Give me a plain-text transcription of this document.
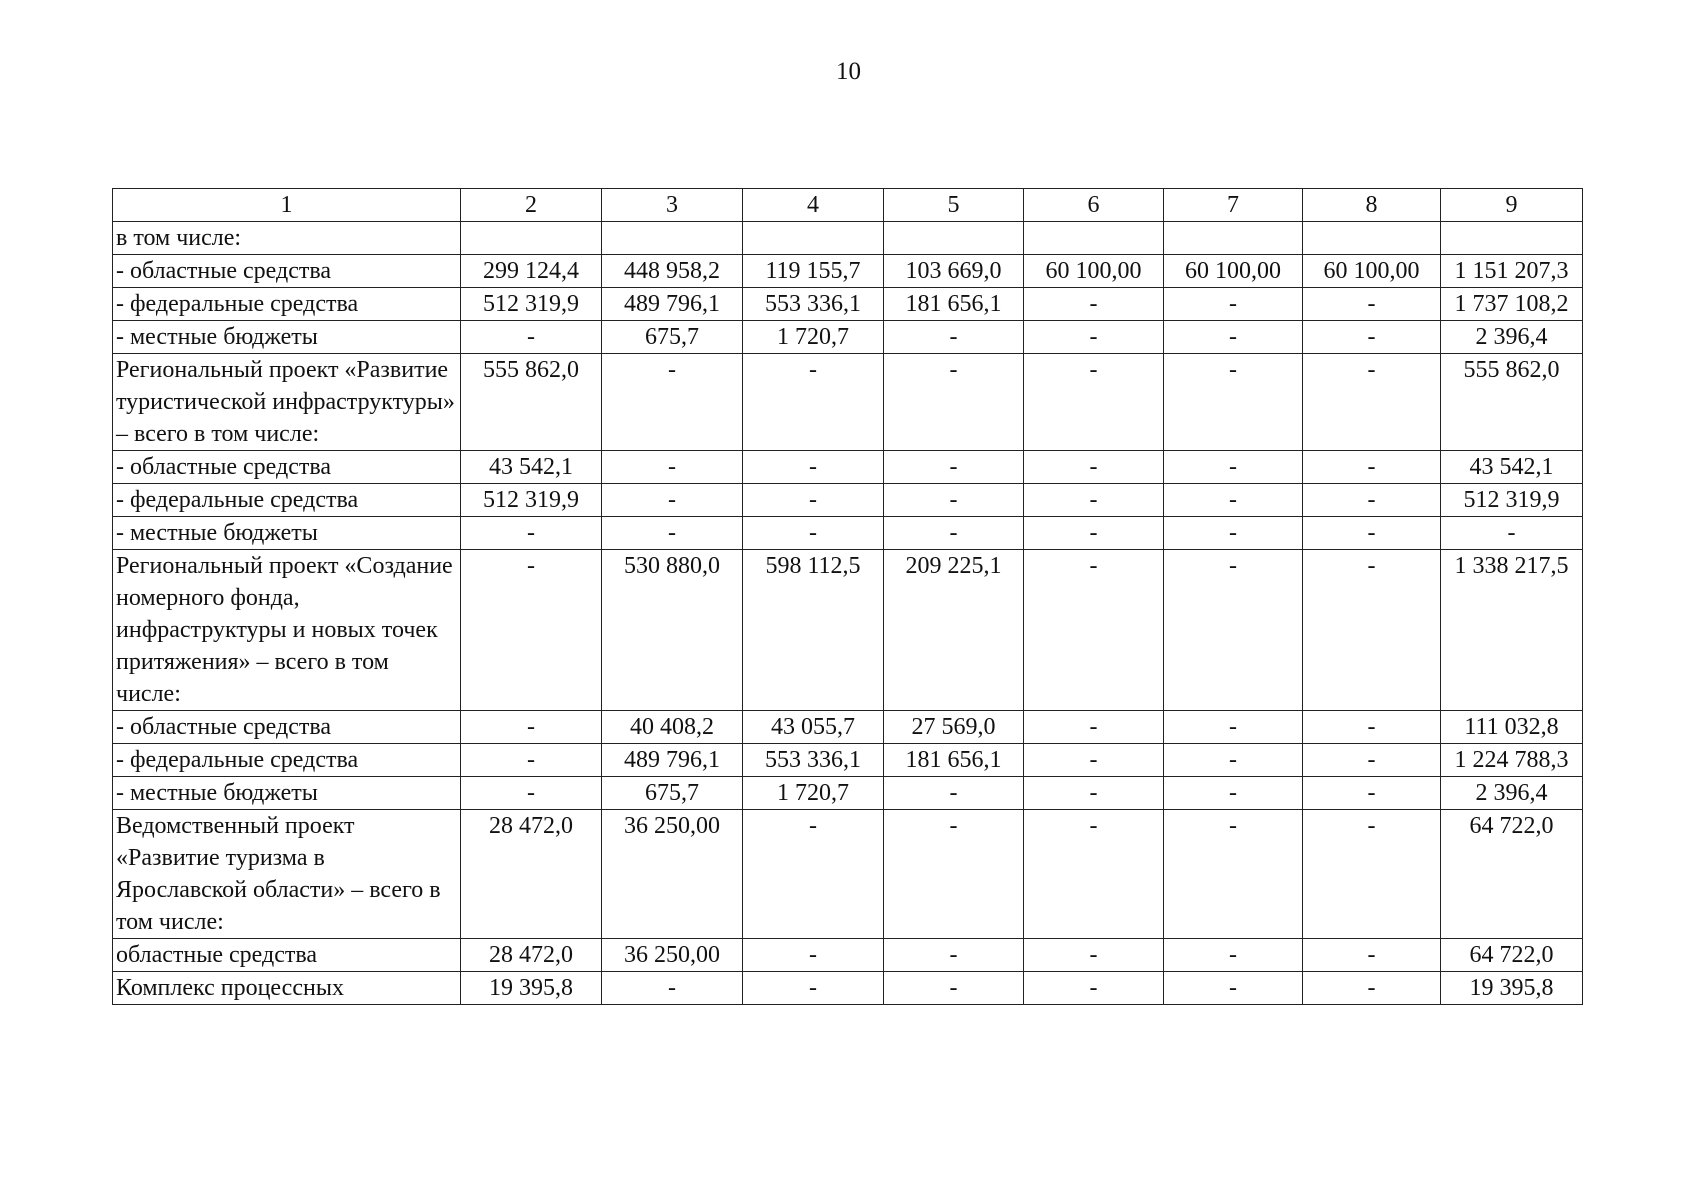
10
1	2	3	4	5	6	7	8	9
в том числе:								
- областные средства	299 124,4	448 958,2	119 155,7	103 669,0	60 100,00	60 100,00	60 100,00	1 151 207,3
- федеральные средства	512 319,9	489 796,1	553 336,1	181 656,1	-	-	-	1 737 108,2
- местные бюджеты	-	675,7	1 720,7	-	-	-	-	2 396,4
Региональный проект «Развитие туристической инфраструктуры» – всего в том числе:	555 862,0	-	-	-	-	-	-	555 862,0
- областные средства	43 542,1	-	-	-	-	-	-	43 542,1
- федеральные средства	512 319,9	-	-	-	-	-	-	512 319,9
- местные бюджеты	-	-	-	-	-	-	-	-
Региональный проект «Создание номерного фонда, инфраструктуры и новых точек притяжения» – всего в том числе:	-	530 880,0	598 112,5	209 225,1	-	-	-	1 338 217,5
- областные средства	-	40 408,2	43 055,7	27 569,0	-	-	-	111 032,8
- федеральные средства	-	489 796,1	553 336,1	181 656,1	-	-	-	1 224 788,3
- местные бюджеты	-	675,7	1 720,7	-	-	-	-	2 396,4
Ведомственный проект «Развитие туризма в Ярославской области» – всего в том числе:	28 472,0	36 250,00	-	-	-	-	-	64 722,0
областные средства	28 472,0	36 250,00	-	-	-	-	-	64 722,0
Комплекс процессных	19 395,8	-	-	-	-	-	-	19 395,8
